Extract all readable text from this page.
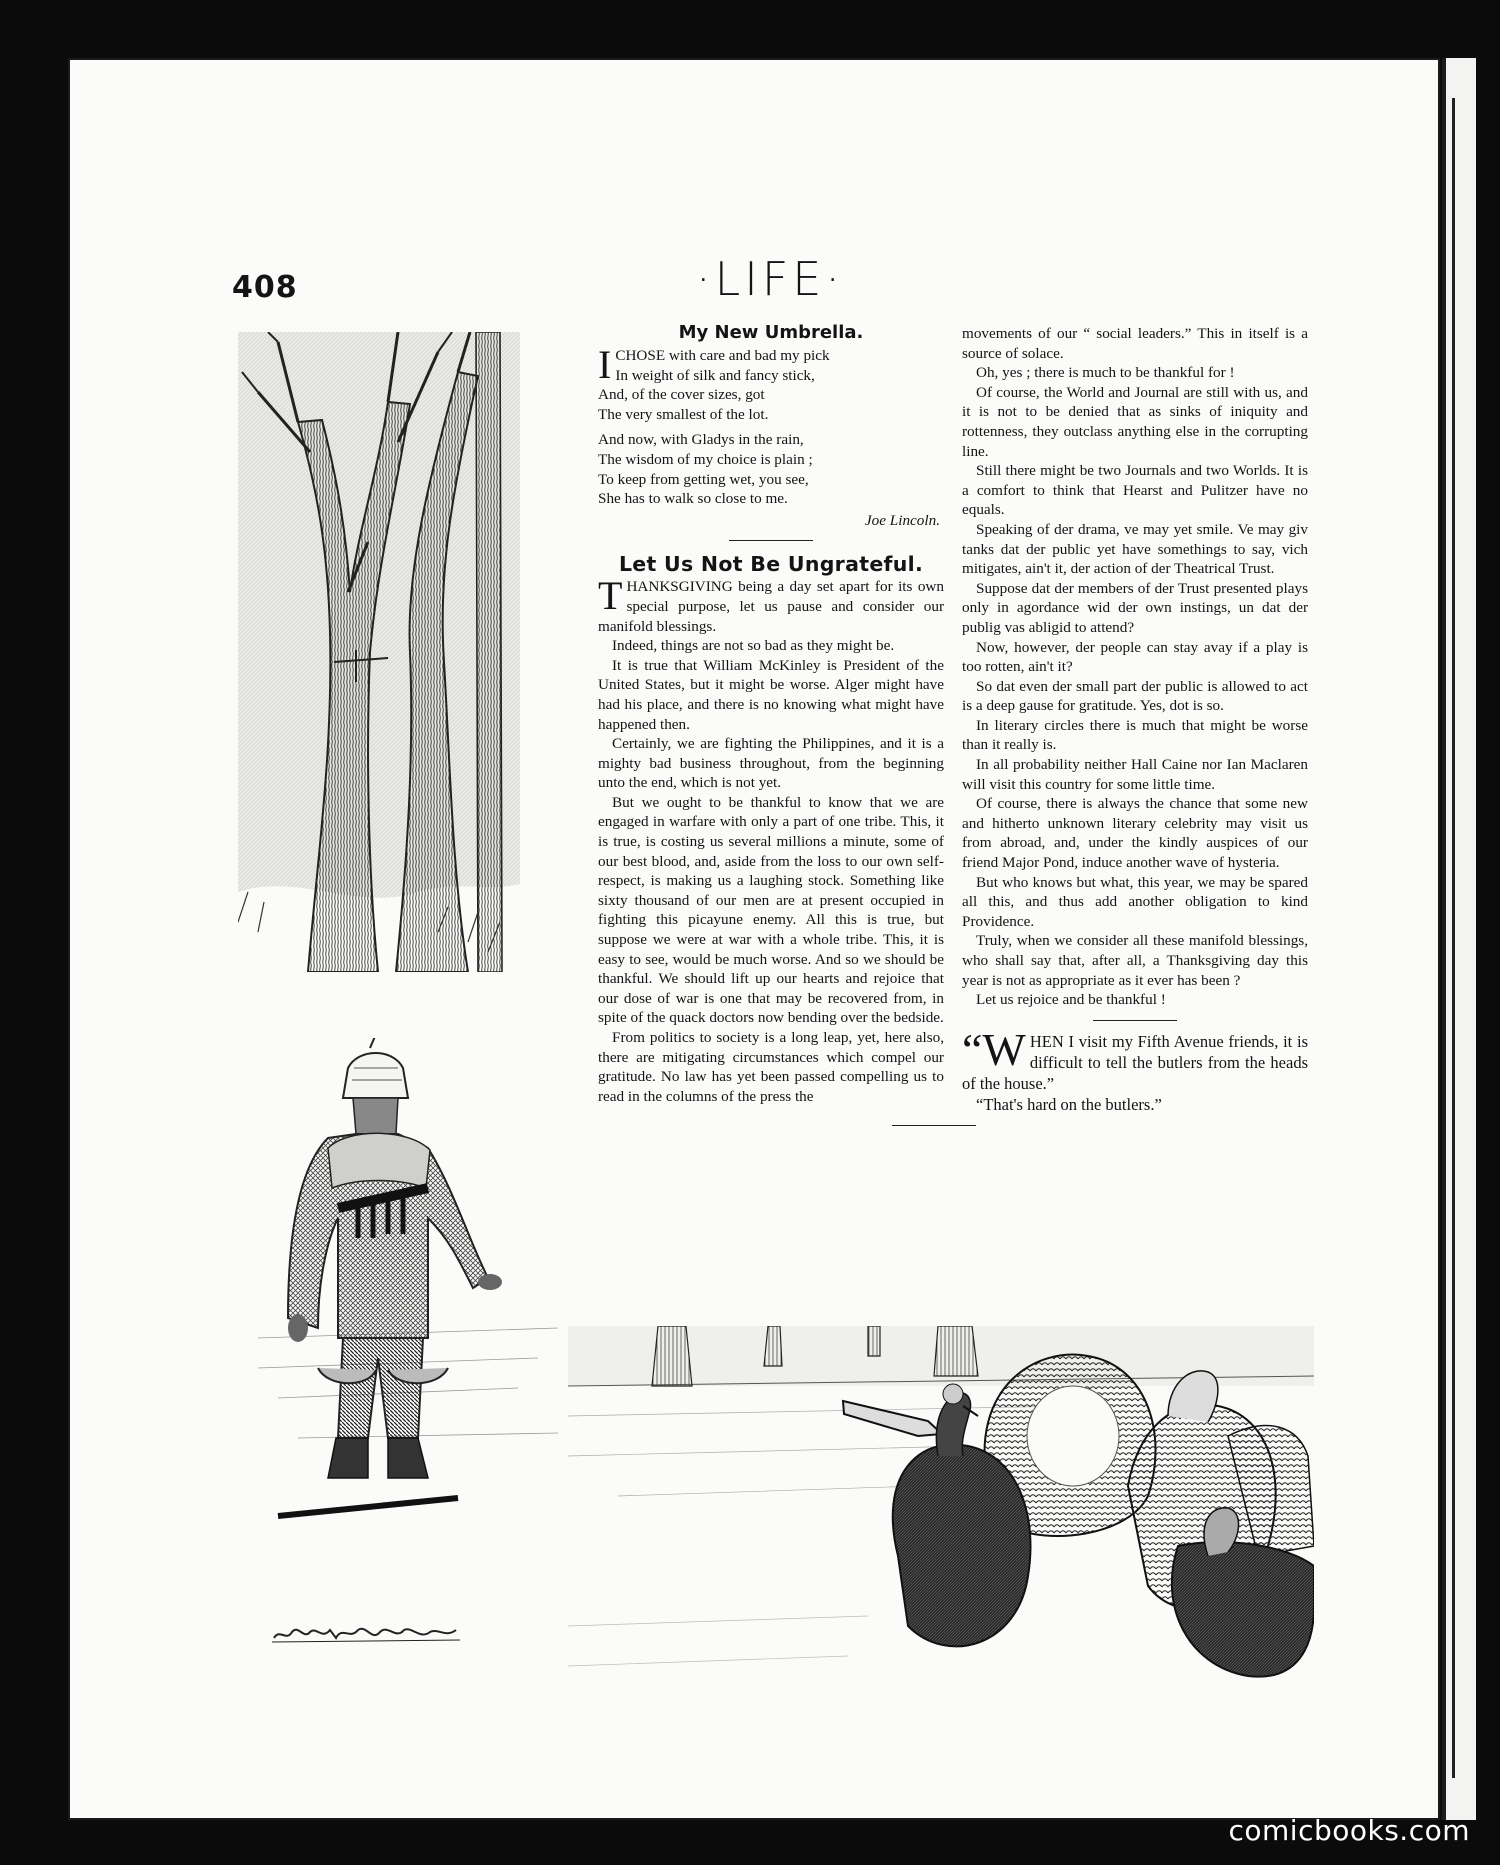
408	·LIFE·
My New Umbrella.
I CHOSE with care and bad my pick
In weight of silk and fancy stick,
And, of the cover sizes, got
The very smallest of the lot.
And now, with Gladys in the rain,
The wisdom of my choice is plain ;
To keep from getting wet, you see,
She has to walk so close to me.
Joe Lincoln.
Let Us Not Be Ungrateful.

THANKSGIVING being a day set apart for its own special purpose, let us pause and consider our manifold blessings.

Indeed, things are not so bad as they might be.

It is true that William McKinley is President of the United States, but it might be worse. Alger might have had his place, and there is no knowing what might have happened then.

Certainly, we are fighting the Philippines, and it is a mighty bad business throughout, from the beginning unto the end, which is not yet.

But we ought to be thankful to know that we are engaged in warfare with only a part of one tribe. This, it is true, is costing us several millions a minute, some of our best blood, and, aside from the loss to our own self-respect, is making us a laughing stock. Something like sixty thousand of our men are at present occupied in fighting this picayune enemy. All this is true, but suppose we were at war with a whole tribe. This, it is easy to see, would be much worse. And so we should be thankful. We should lift up our hearts and rejoice that our dose of war is one that may be recovered from, in spite of the quack doctors now bending over the bedside.

From politics to society is a long leap, yet, here also, there are mitigating circumstances which compel our gratitude. No law has yet been passed compelling us to read in the columns of the press the

movements of our “ social leaders.” This in itself is a source of solace.

Oh, yes ; there is much to be thankful for !

Of course, the World and Journal are still with us, and it is not to be denied that as sinks of iniquity and rottenness, they outclass anything else in the corrupting line.

Still there might be two Journals and two Worlds. It is a comfort to think that Hearst and Pulitzer have no equals.

Speaking of der drama, ve may yet smile. Ve may giv tanks dat der public yet have somethings to say, vich mitigates, ain't it, der action of der Theatrical Trust.

Suppose dat der members of der Trust presented plays only in agordance wid der own instings, un dat der publig vas abligid to attend?

Now, however, der people can stay avay if a play is too rotten, ain't it?

So dat even der small part der public is allowed to act is a deep gause for gratitude. Yes, dot is so.

In literary circles there is much that might be worse than it really is.

In all probability neither Hall Caine nor Ian Maclaren will visit this country for some little time.

Of course, there is always the chance that some new and hitherto unknown literary celebrity may visit us from abroad, and, under the kindly auspices of our friend Major Pond, induce another wave of hysteria.

But who knows but what, this year, we may be spared all this, and thus add another obligation to kind Providence.

Truly, when we consider all these manifold blessings, who shall say that, after all, a Thanksgiving day this year is not as appropriate as it ever has been ?

Let us rejoice and be thankful !

“W HEN I visit my Fifth Avenue friends, it is difficult to tell the butlers from the heads of the house.”

“That's hard on the butlers.”

comicbooks.com
